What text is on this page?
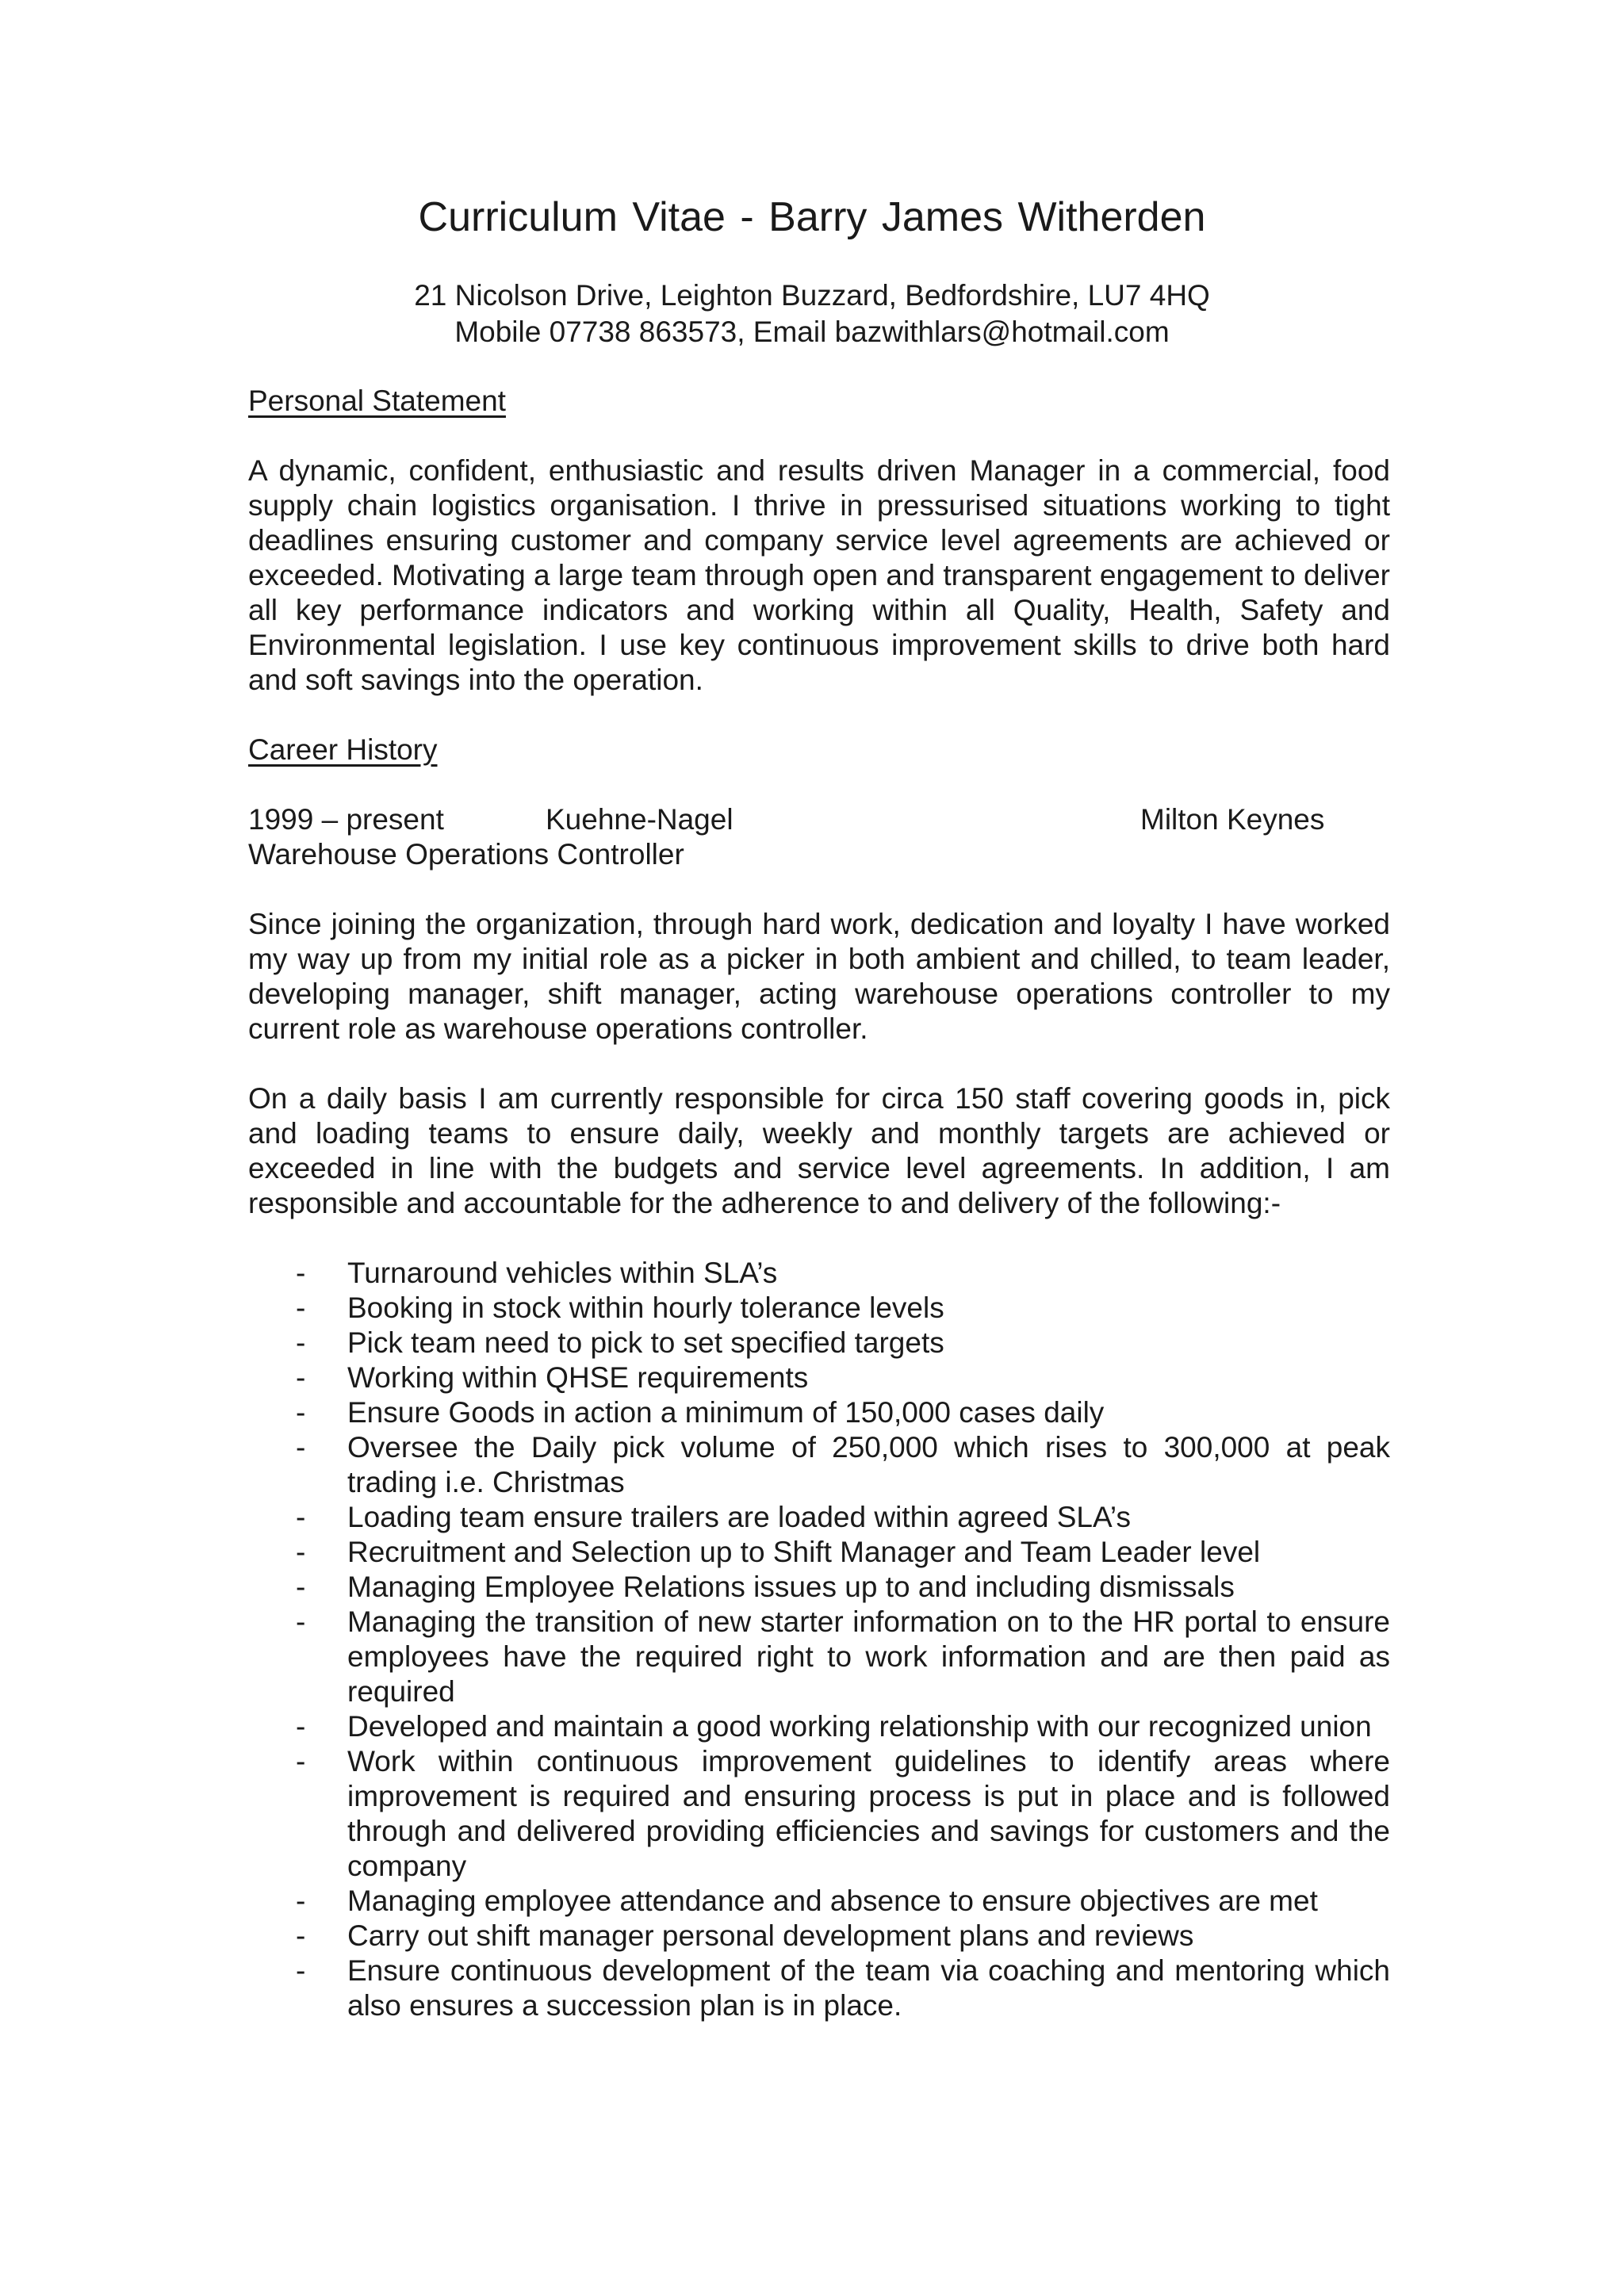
Curriculum Vitae - Barry James Witherden
21 Nicolson Drive, Leighton Buzzard, Bedfordshire, LU7 4HQ
Mobile 07738 863573, Email bazwithlars@hotmail.com
Personal Statement

A dynamic, confident, enthusiastic and results driven Manager in a commercial, food supply chain logistics organisation. I thrive in pressurised situations working to tight deadlines ensuring customer and company service level agreements are achieved or exceeded. Motivating a large team through open and transparent engagement to deliver all key performance indicators and working within all Quality, Health, Safety and Environmental legislation. I use key continuous improvement skills to drive both hard and soft savings into the operation.

Career History
1999 – present	Kuehne-Nagel	Milton Keynes
Warehouse Operations Controller

Since joining the organization, through hard work, dedication and loyalty I have worked my way up from my initial role as a picker in both ambient and chilled, to team leader, developing manager, shift manager, acting warehouse operations controller to my current role as warehouse operations controller.

On a daily basis I am currently responsible for circa 150 staff covering goods in, pick and loading teams to ensure daily, weekly and monthly targets are achieved or exceeded in line with the budgets and service level agreements. In addition, I am responsible and accountable for the adherence to and delivery of the following:-

- Turnaround vehicles within SLA’s
- Booking in stock within hourly tolerance levels
- Pick team need to pick to set specified targets
- Working within QHSE requirements
- Ensure Goods in action a minimum of 150,000 cases daily
- Oversee the Daily pick volume of 250,000 which rises to 300,000 at peak trading i.e. Christmas
- Loading team ensure trailers are loaded within agreed SLA’s
- Recruitment and Selection up to Shift Manager and Team Leader level
- Managing Employee Relations issues up to and including dismissals
- Managing the transition of new starter information on to the HR portal to ensure employees have the required right to work information and are then paid as required
- Developed and maintain a good working relationship with our recognized union
- Work within continuous improvement guidelines to identify areas where improvement is required and ensuring process is put in place and is followed through and delivered providing efficiencies and savings for customers and the company
- Managing employee attendance and absence to ensure objectives are met
- Carry out shift manager personal development plans and reviews
- Ensure continuous development of the team via coaching and mentoring which also ensures a succession plan is in place.
